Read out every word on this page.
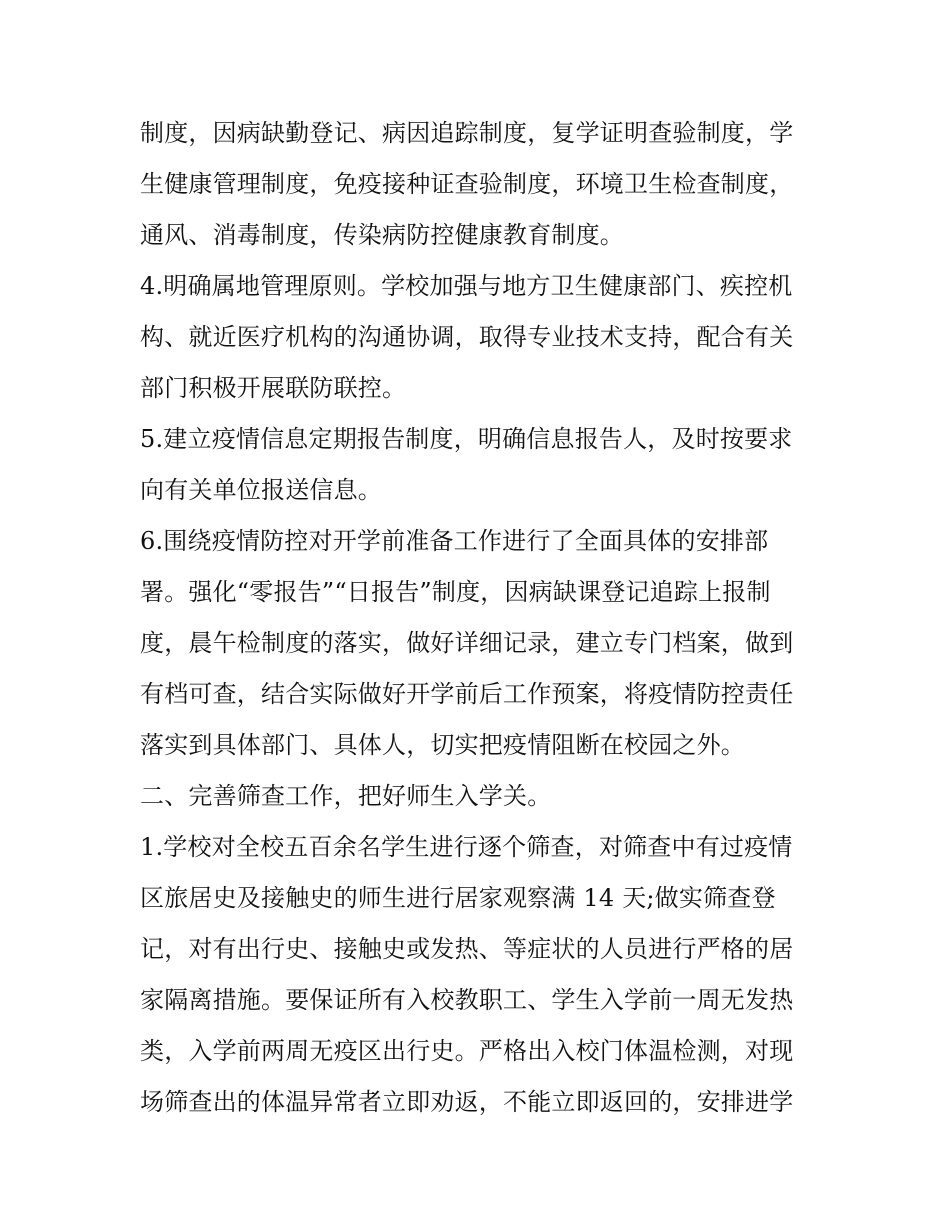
制度，因病缺勤登记、病因追踪制度，复学证明查验制度，学
生健康管理制度，免疫接种证查验制度，环境卫生检查制度，
通风、消毒制度，传染病防控健康教育制度。
4.明确属地管理原则。学校加强与地方卫生健康部门、疾控机
构、就近医疗机构的沟通协调，取得专业技术支持，配合有关
部门积极开展联防联控。
5.建立疫情信息定期报告制度，明确信息报告人，及时按要求
向有关单位报送信息。
6.围绕疫情防控对开学前准备工作进行了全面具体的安排部
署。强化“零报告”“日报告”制度，因病缺课登记追踪上报制
度，晨午检制度的落实，做好详细记录，建立专门档案，做到
有档可查，结合实际做好开学前后工作预案，将疫情防控责任
落实到具体部门、具体人，切实把疫情阻断在校园之外。
二、完善筛查工作，把好师生入学关。
1.学校对全校五百余名学生进行逐个筛查，对筛查中有过疫情
区旅居史及接触史的师生进行居家观察满 14 天;做实筛查登
记，对有出行史、接触史或发热、等症状的人员进行严格的居
家隔离措施。要保证所有入校教职工、学生入学前一周无发热
类，入学前两周无疫区出行史。严格出入校门体温检测，对现
场筛查出的体温异常者立即劝返，不能立即返回的，安排进学
